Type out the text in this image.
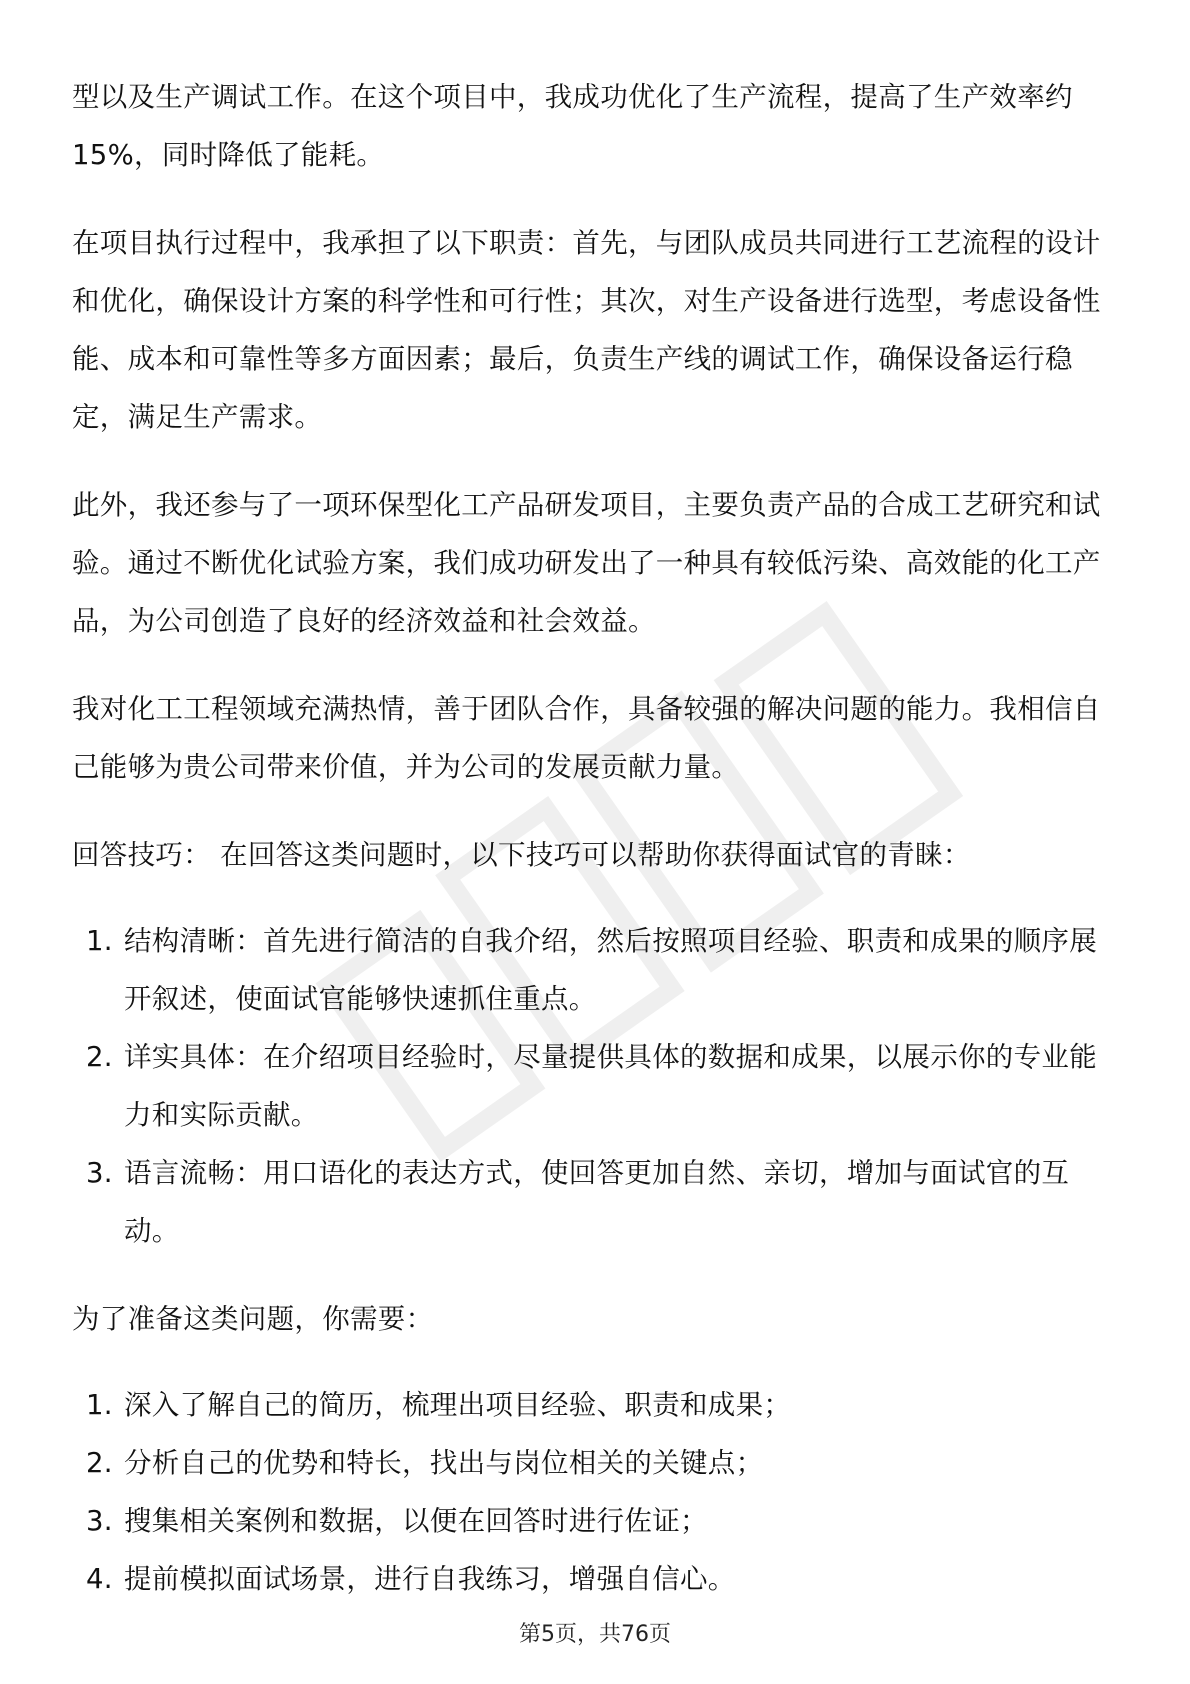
型以及生产调试工作。在这个项目中，我成功优化了生产流程，提高了生产效率约15%，同时降低了能耗。

在项目执行过程中，我承担了以下职责：首先，与团队成员共同进行工艺流程的设计和优化，确保设计方案的科学性和可行性；其次，对生产设备进行选型，考虑设备性能、成本和可靠性等多方面因素；最后，负责生产线的调试工作，确保设备运行稳定，满足生产需求。

此外，我还参与了一项环保型化工产品研发项目，主要负责产品的合成工艺研究和试验。通过不断优化试验方案，我们成功研发出了一种具有较低污染、高效能的化工产品，为公司创造了良好的经济效益和社会效益。

我对化工工程领域充满热情，善于团队合作，具备较强的解决问题的能力。我相信自己能够为贵公司带来价值，并为公司的发展贡献力量。

回答技巧： 在回答这类问题时，以下技巧可以帮助你获得面试官的青睐：

1. 结构清晰：首先进行简洁的自我介绍，然后按照项目经验、职责和成果的顺序展开叙述，使面试官能够快速抓住重点。
2. 详实具体：在介绍项目经验时，尽量提供具体的数据和成果，以展示你的专业能力和实际贡献。
3. 语言流畅：用口语化的表达方式，使回答更加自然、亲切，增加与面试官的互动。

为了准备这类问题，你需要：

1. 深入了解自己的简历，梳理出项目经验、职责和成果；
2. 分析自己的优势和特长，找出与岗位相关的关键点；
3. 搜集相关案例和数据，以便在回答时进行佐证；
4. 提前模拟面试场景，进行自我练习，增强自信心。
第5页，共76页
